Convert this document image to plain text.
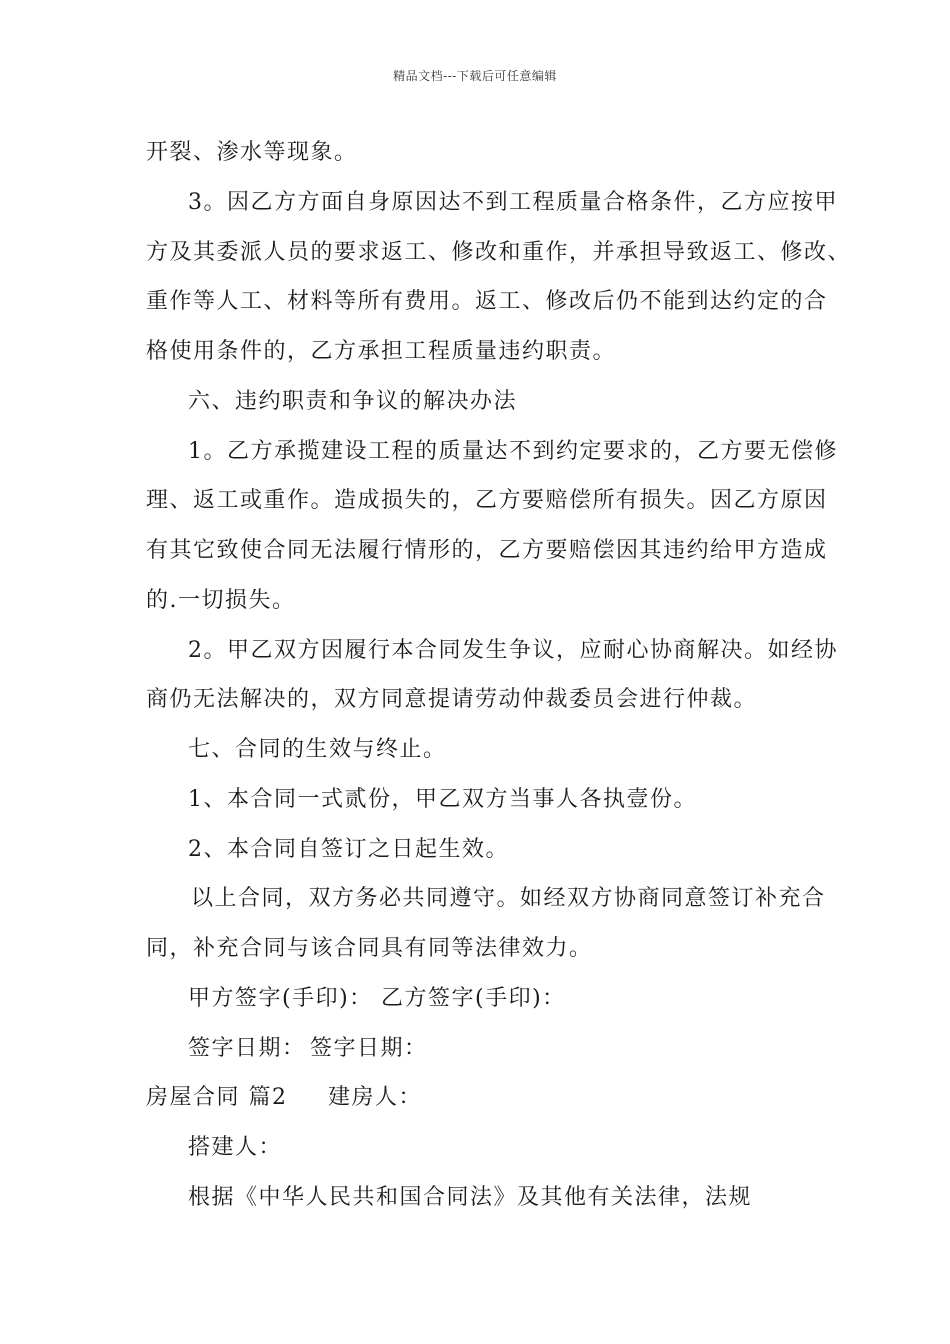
精品文档---下载后可任意编辑
开裂、渗水等现象。
3。因乙方方面自身原因达不到工程质量合格条件，乙方应按甲
方及其委派人员的要求返工、修改和重作，并承担导致返工、修改、
重作等人工、材料等所有费用。返工、修改后仍不能到达约定的合
格使用条件的，乙方承担工程质量违约职责。
六、违约职责和争议的解决办法
1。乙方承揽建设工程的质量达不到约定要求的，乙方要无偿修
理、返工或重作。造成损失的，乙方要赔偿所有损失。因乙方原因
有其它致使合同无法履行情形的，乙方要赔偿因其违约给甲方造成
的.一切损失。
2。甲乙双方因履行本合同发生争议，应耐心协商解决。如经协
商仍无法解决的，双方同意提请劳动仲裁委员会进行仲裁。
七、合同的生效与终止。
1、本合同一式贰份，甲乙双方当事人各执壹份。
2、本合同自签订之日起生效。
以上合同，双方务必共同遵守。如经双方协商同意签订补充合
同，补充合同与该合同具有同等法律效力。
甲方签字(手印)： 乙方签字(手印)：
签字日期： 签字日期：
房屋合同 篇2 建房人：
搭建人：
根据《中华人民共和国合同法》及其他有关法律，法规
